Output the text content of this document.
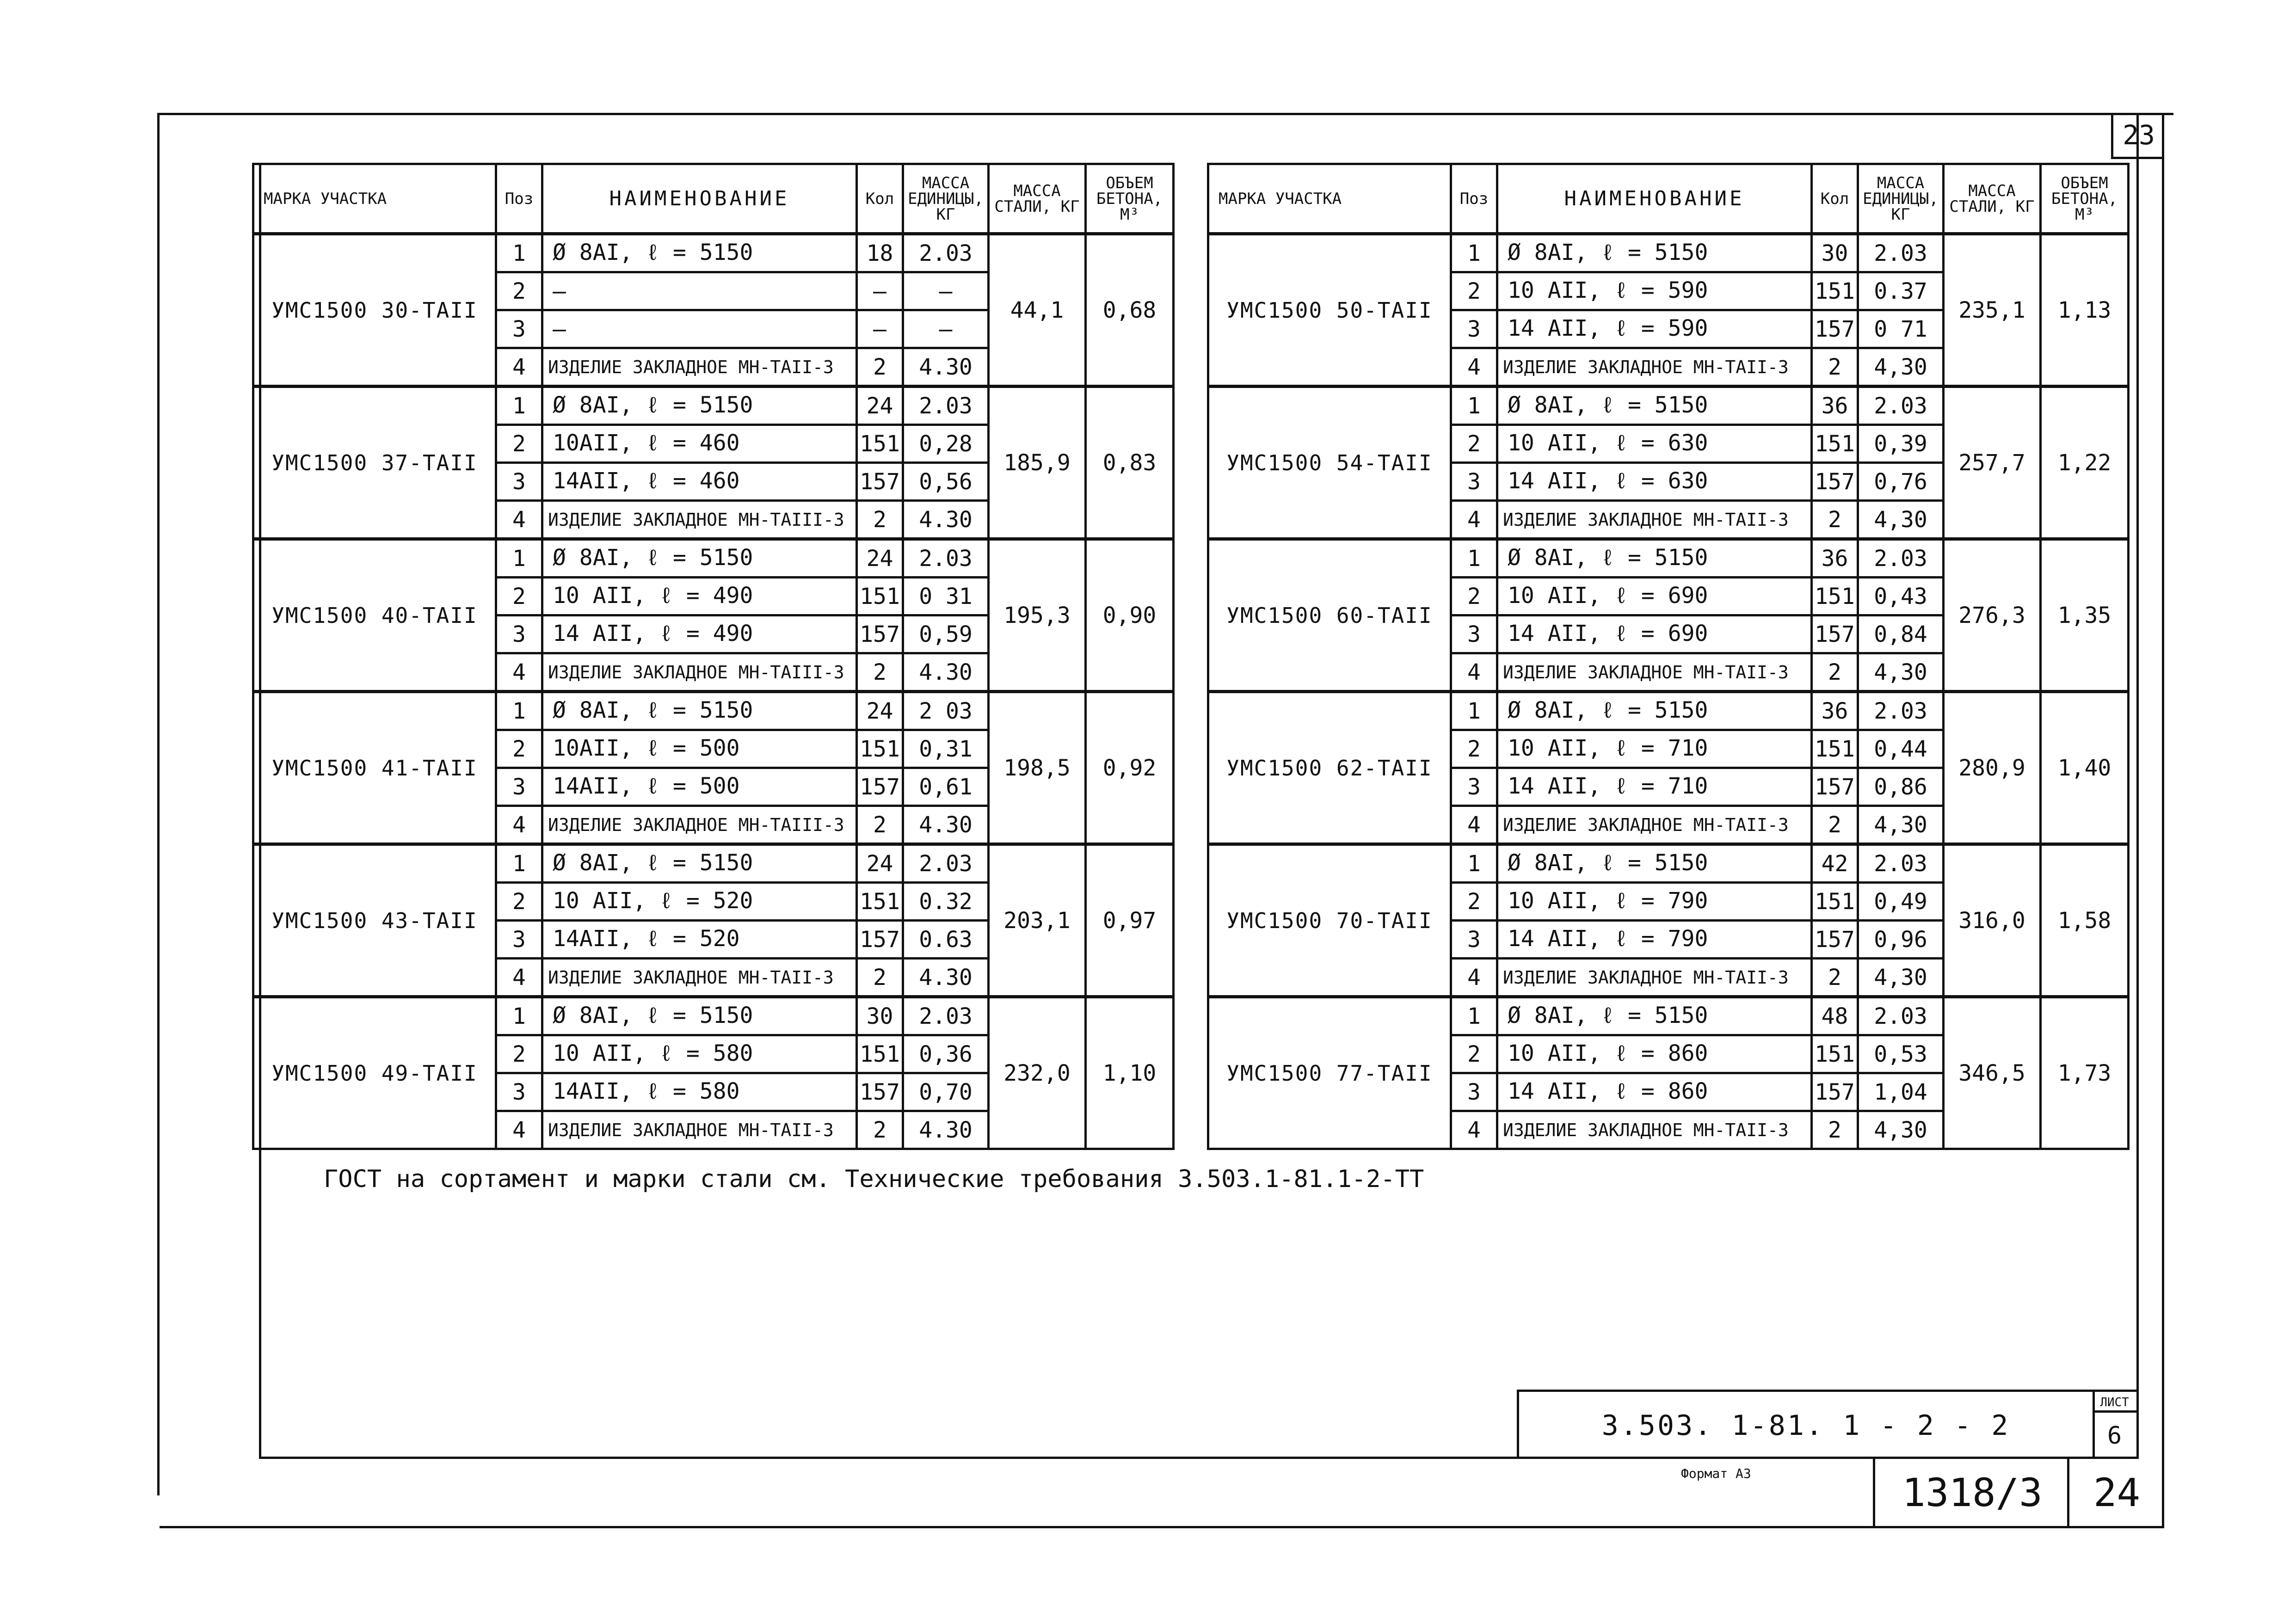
23
МАРКА УЧАСТКА	Поз	НАИМЕНОВАНИЕ	Кол	МАССА ЕДИНИЦЫ, КГ	МАССА СТАЛИ, КГ	ОБЪЕМ БЕТОНА, М³
УМС1500 30-ТАII	1	Ø 8AI, ℓ = 5150	18	2.03	44,1	0,68
	2	—	—	—		
	3	—	—	—		
	4	ИЗДЕЛИЕ ЗАКЛАДНОЕ МН-ТАII-3	2	4.30		
УМС1500 37-ТАII	1	Ø 8AI, ℓ = 5150	24	2.03	185,9	0,83
	2	10AII, ℓ = 460	151	0,28		
	3	14AII, ℓ = 460	157	0,56		
	4	ИЗДЕЛИЕ ЗАКЛАДНОЕ МН-ТАIII-3	2	4.30		
УМС1500 40-ТАII	1	Ø 8AI, ℓ = 5150	24	2.03	195,3	0,90
	2	10 AII, ℓ = 490	151	0 31		
	3	14 AII, ℓ = 490	157	0,59		
	4	ИЗДЕЛИЕ ЗАКЛАДНОЕ МН-ТАIII-3	2	4.30		
УМС1500 41-ТАII	1	Ø 8AI, ℓ = 5150	24	2 03	198,5	0,92
	2	10AII, ℓ = 500	151	0,31		
	3	14AII, ℓ = 500	157	0,61		
	4	ИЗДЕЛИЕ ЗАКЛАДНОЕ МН-ТАIII-3	2	4.30		
УМС1500 43-ТАII	1	Ø 8AI, ℓ = 5150	24	2.03	203,1	0,97
	2	10 AII, ℓ = 520	151	0.32		
	3	14AII, ℓ = 520	157	0.63		
	4	ИЗДЕЛИЕ ЗАКЛАДНОЕ МН-ТАII-3	2	4.30		
УМС1500 49-ТАII	1	Ø 8AI, ℓ = 5150	30	2.03	232,0	1,10
	2	10 AII, ℓ = 580	151	0,36		
	3	14AII, ℓ = 580	157	0,70		
	4	ИЗДЕЛИЕ ЗАКЛАДНОЕ МН-ТАII-3	2	4.30		
МАРКА УЧАСТКА	Поз	НАИМЕНОВАНИЕ	Кол	МАССА ЕДИНИЦЫ, КГ	МАССА СТАЛИ, КГ	ОБЪЕМ БЕТОНА, М³
УМС1500 50-ТАII	1	Ø 8AI, ℓ = 5150	30	2.03	235,1	1,13
	2	10 AII, ℓ = 590	151	0.37		
	3	14 AII, ℓ = 590	157	0 71		
	4	ИЗДЕЛИЕ ЗАКЛАДНОЕ МН-ТАII-3	2	4,30		
УМС1500 54-ТАII	1	Ø 8AI, ℓ = 5150	36	2.03	257,7	1,22
	2	10 AII, ℓ = 630	151	0,39		
	3	14 AII, ℓ = 630	157	0,76		
	4	ИЗДЕЛИЕ ЗАКЛАДНОЕ МН-ТАII-3	2	4,30		
УМС1500 60-ТАII	1	Ø 8AI, ℓ = 5150	36	2.03	276,3	1,35
	2	10 AII, ℓ = 690	151	0,43		
	3	14 AII, ℓ = 690	157	0,84		
	4	ИЗДЕЛИЕ ЗАКЛАДНОЕ МН-ТАII-3	2	4,30		
УМС1500 62-ТАII	1	Ø 8AI, ℓ = 5150	36	2.03	280,9	1,40
	2	10 AII, ℓ = 710	151	0,44		
	3	14 AII, ℓ = 710	157	0,86		
	4	ИЗДЕЛИЕ ЗАКЛАДНОЕ МН-ТАII-3	2	4,30		
УМС1500 70-ТАII	1	Ø 8AI, ℓ = 5150	42	2.03	316,0	1,58
	2	10 AII, ℓ = 790	151	0,49		
	3	14 AII, ℓ = 790	157	0,96		
	4	ИЗДЕЛИЕ ЗАКЛАДНОЕ МН-ТАII-3	2	4,30		
УМС1500 77-ТАII	1	Ø 8AI, ℓ = 5150	48	2.03	346,5	1,73
	2	10 AII, ℓ = 860	151	0,53		
	3	14 AII, ℓ = 860	157	1,04		
	4	ИЗДЕЛИЕ ЗАКЛАДНОЕ МН-ТАII-3	2	4,30		
ГОСТ на сортамент и марки стали см. Технические требования 3.503.1-81.1-2-ТТ
3.503. 1-81. 1 - 2 - 2
ЛИСТ
6
Формат А3	1318/3 24
